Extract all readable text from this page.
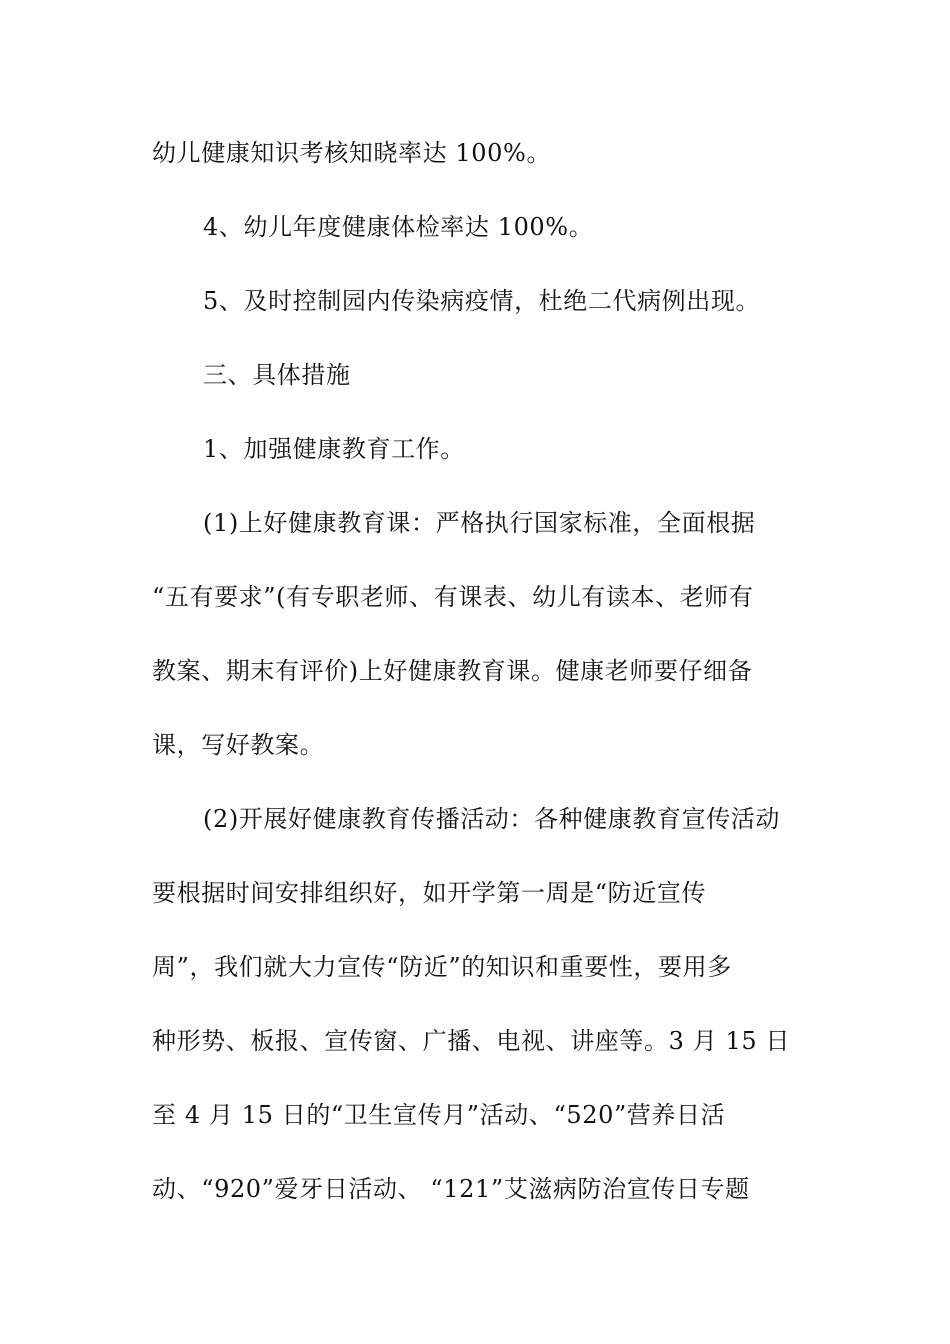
幼儿健康知识考核知晓率达 100%。
4、幼儿年度健康体检率达 100%。
5、及时控制园内传染病疫情，杜绝二代病例出现。
三、具体措施
1、加强健康教育工作。
(1)上好健康教育课：严格执行国家标准，全面根据
“五有要求”(有专职老师、有课表、幼儿有读本、老师有
教案、期末有评价)上好健康教育课。健康老师要仔细备
课，写好教案。
(2)开展好健康教育传播活动：各种健康教育宣传活动
要根据时间安排组织好，如开学第一周是“防近宣传
周”，我们就大力宣传“防近”的知识和重要性，要用多
种形势、板报、宣传窗、广播、电视、讲座等。3 月 15 日
至 4 月 15 日的“卫生宣传月”活动、“520”营养日活
动、“920”爱牙日活动、 “121”艾滋病防治宣传日专题
